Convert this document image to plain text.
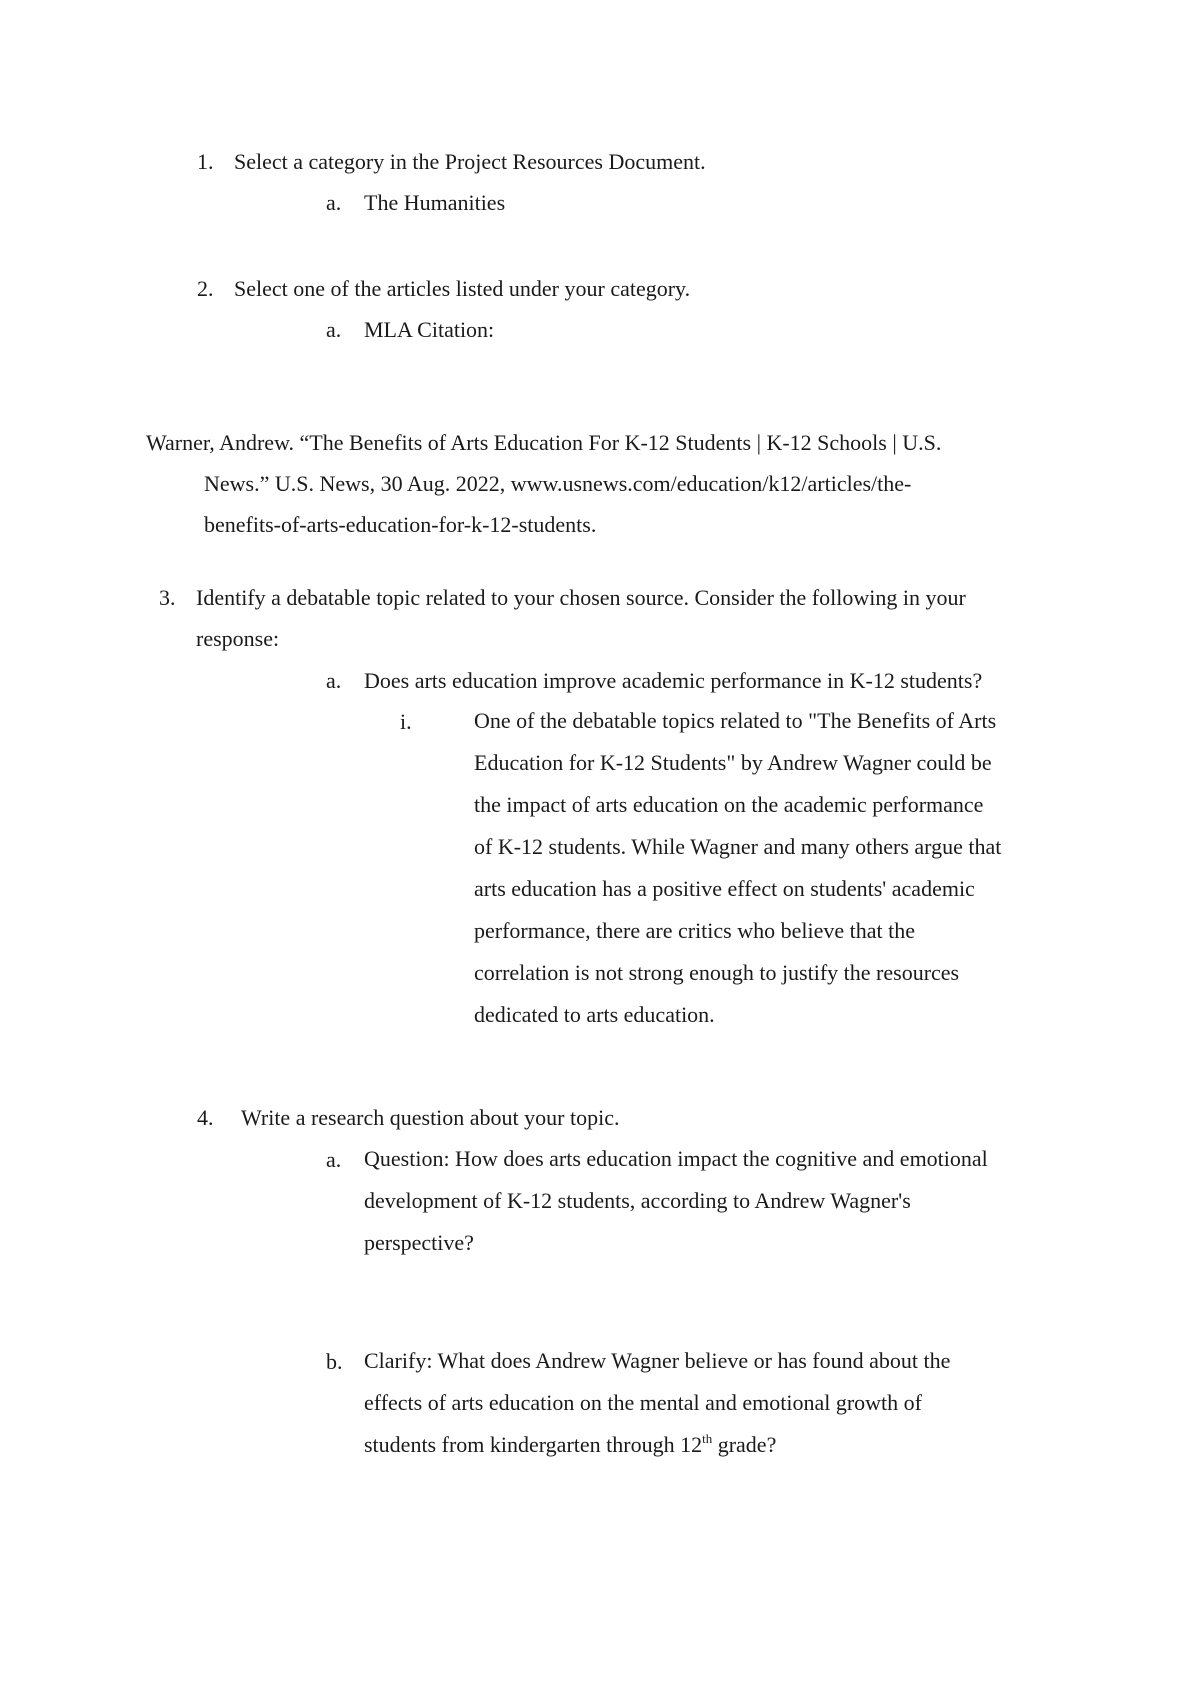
1. Select a category in the Project Resources Document.
a. The Humanities
2. Select one of the articles listed under your category.
a. MLA Citation:
Warner, Andrew. “The Benefits of Arts Education For K-12 Students | K-12 Schools | U.S.
News.” U.S. News, 30 Aug. 2022, www.usnews.com/education/k12/articles/the-
benefits-of-arts-education-for-k-12-students.
3. Identify a debatable topic related to your chosen source. Consider the following in your
response:
a. Does arts education improve academic performance in K-12 students?
i.	One of the debatable topics related to "The Benefits of Arts
Education for K-12 Students" by Andrew Wagner could be
the impact of arts education on the academic performance
of K-12 students. While Wagner and many others argue that
arts education has a positive effect on students' academic
performance, there are critics who believe that the
correlation is not strong enough to justify the resources
dedicated to arts education.
4. Write a research question about your topic.
a. Question: How does arts education impact the cognitive and emotional
development of K-12 students, according to Andrew Wagner's
perspective?
b. Clarify: What does Andrew Wagner believe or has found about the
effects of arts education on the mental and emotional growth of
students from kindergarten through 12th grade?
